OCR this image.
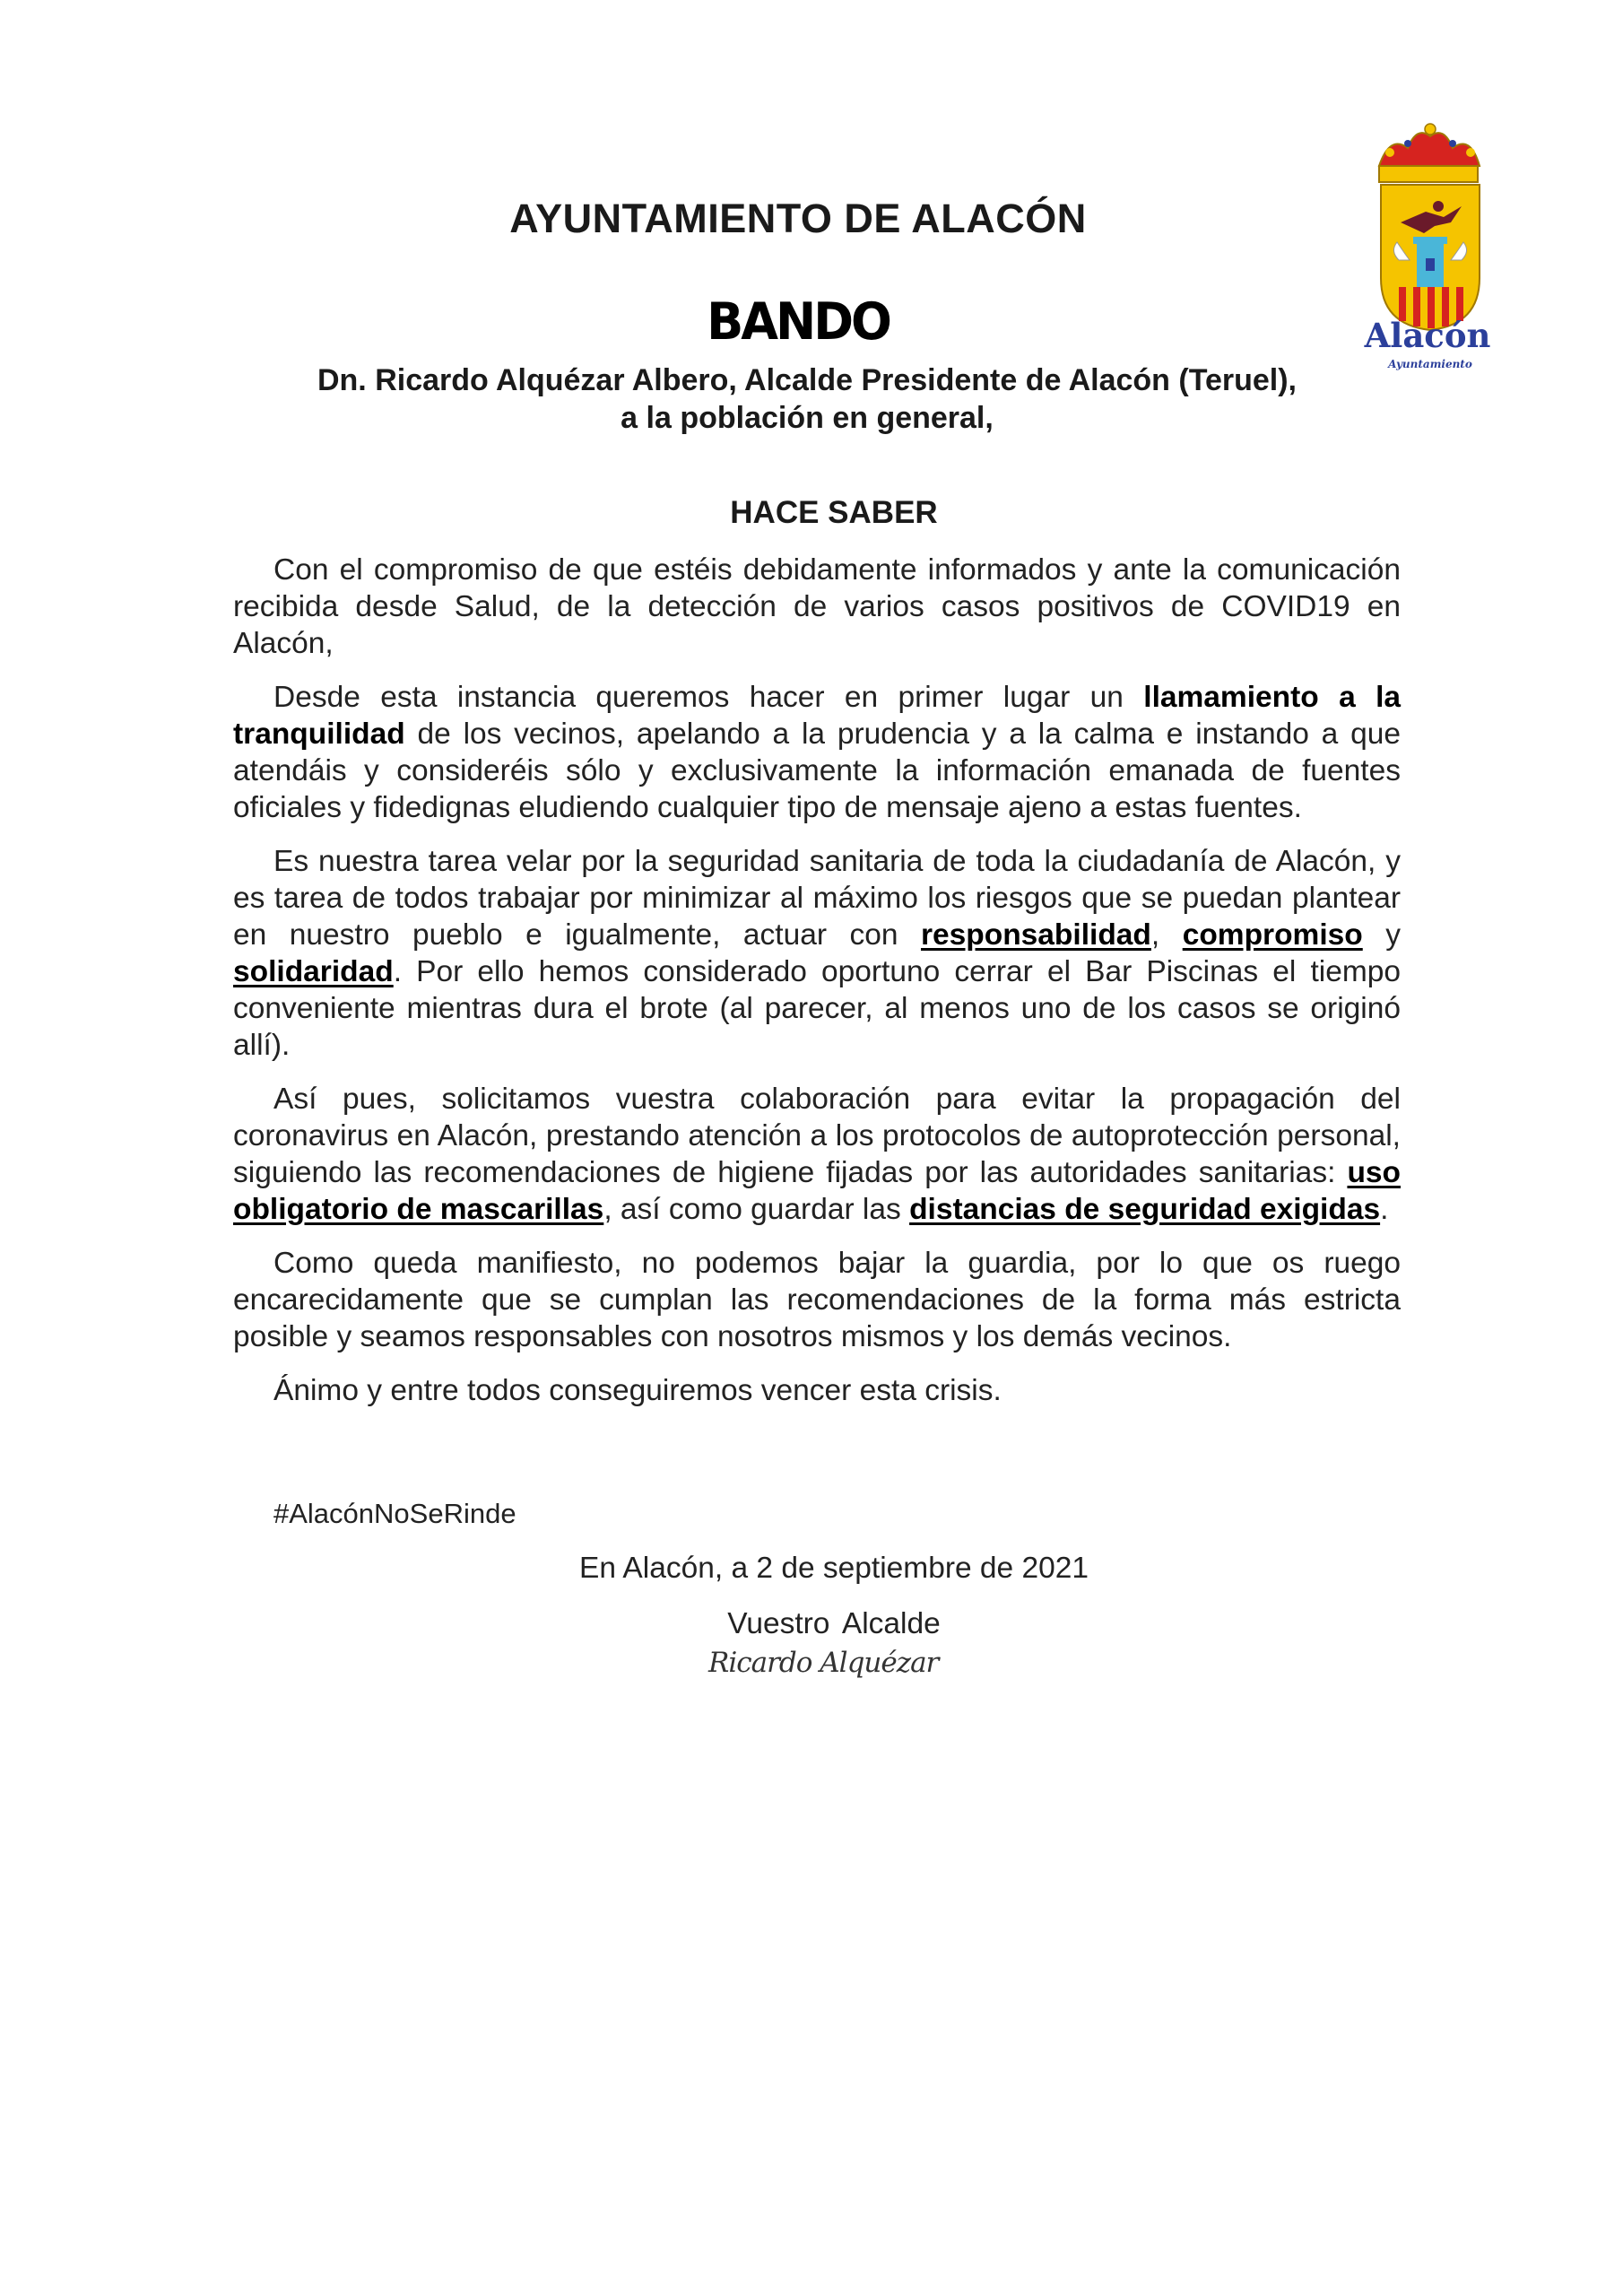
AYUNTAMIENTO DE ALACÓN
BANDO
Dn. Ricardo Alquézar Albero, Alcalde Presidente de Alacón (Teruel),
a la población en general,
Alacón
Ayuntamiento
HACE SABER

Con el compromiso de que estéis debidamente informados y ante la comunicación recibida desde Salud, de la detección de varios casos positivos de COVID19 en Alacón,

Desde esta instancia queremos hacer en primer lugar un llamamiento a la tranquilidad de los vecinos, apelando a la prudencia y a la calma e instando a que atendáis y consideréis sólo y exclusivamente la información emanada de fuentes oficiales y fidedignas eludiendo cualquier tipo de mensaje ajeno a estas fuentes.

Es nuestra tarea velar por la seguridad sanitaria de toda la ciudadanía de Alacón, y es tarea de todos trabajar por minimizar al máximo los riesgos que se puedan plantear en nuestro pueblo e igualmente, actuar con responsabilidad, compromiso y solidaridad. Por ello hemos considerado oportuno cerrar el Bar Piscinas el tiempo conveniente mientras dura el brote (al parecer, al menos uno de los casos se originó allí).

Así pues, solicitamos vuestra colaboración para evitar la propagación del coronavirus en Alacón, prestando atención a los protocolos de autoprotección personal, siguiendo las recomendaciones de higiene fijadas por las autoridades sanitarias: uso obligatorio de mascarillas, así como guardar las distancias de seguridad exigidas.

Como queda manifiesto, no podemos bajar la guardia, por lo que os ruego encarecidamente que se cumplan las recomendaciones de la forma más estricta posible y seamos responsables con nosotros mismos y los demás vecinos.

Ánimo y entre todos conseguiremos vencer esta crisis.

#AlacónNoSeRinde
En Alacón, a 2 de septiembre de 2021
Vuestro Alcalde
Ricardo Alquézar
